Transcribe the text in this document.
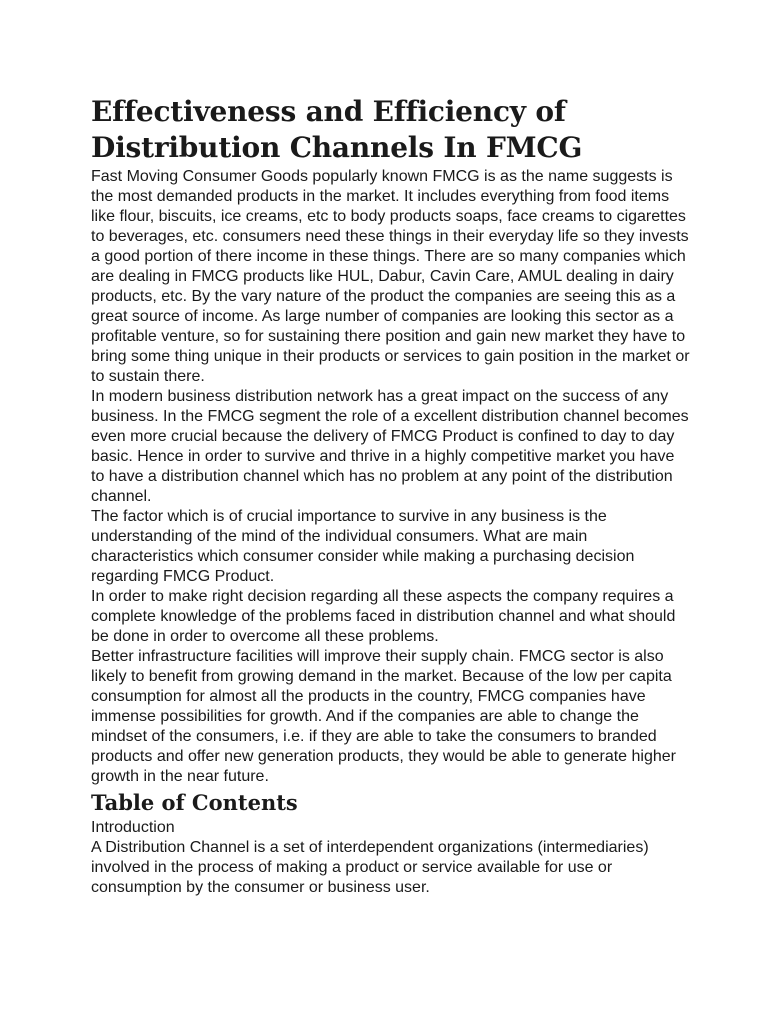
Effectiveness and Efficiency of
Distribution Channels In FMCG

Fast Moving Consumer Goods popularly known FMCG is as the name suggests is the most demanded products in the market. It includes everything from food items like flour, biscuits, ice creams, etc to body products soaps, face creams to cigarettes to beverages, etc. consumers need these things in their everyday life so they invests

a good portion of there income in these things. There are so many companies which are dealing in FMCG products like HUL, Dabur, Cavin Care, AMUL dealing in dairy products, etc. By the vary nature of the product the companies are seeing this as a great source of income. As large number of companies are looking this sector as a profitable venture, so for sustaining there position and gain new market they have to bring some thing unique in their products or services to gain position in the market or to sustain there.

In modern business distribution network has a great impact on the success of any business. In the FMCG segment the role of a excellent distribution channel becomes even more crucial because the delivery of FMCG Product is confined to day to day basic. Hence in order to survive and thrive in a highly competitive market you have to have a distribution channel which has no problem at any point of the distribution channel.

The factor which is of crucial importance to survive in any business is the understanding of the mind of the individual consumers. What are main characteristics which consumer consider while making a purchasing decision regarding FMCG Product.

In order to make right decision regarding all these aspects the company requires a complete knowledge of the problems faced in distribution channel and what should be done in order to overcome all these problems.

Better infrastructure facilities will improve their supply chain. FMCG sector is also likely to benefit from growing demand in the market. Because of the low per capita consumption for almost all the products in the country, FMCG companies have immense possibilities for growth. And if the companies are able to change the mindset of the consumers, i.e. if they are able to take the consumers to branded products and offer new generation products, they would be able to generate higher growth in the near future.

Table of Contents

Introduction

A Distribution Channel is a set of interdependent organizations (intermediaries) involved in the process of making a product or service available for use or consumption by the consumer or business user.
